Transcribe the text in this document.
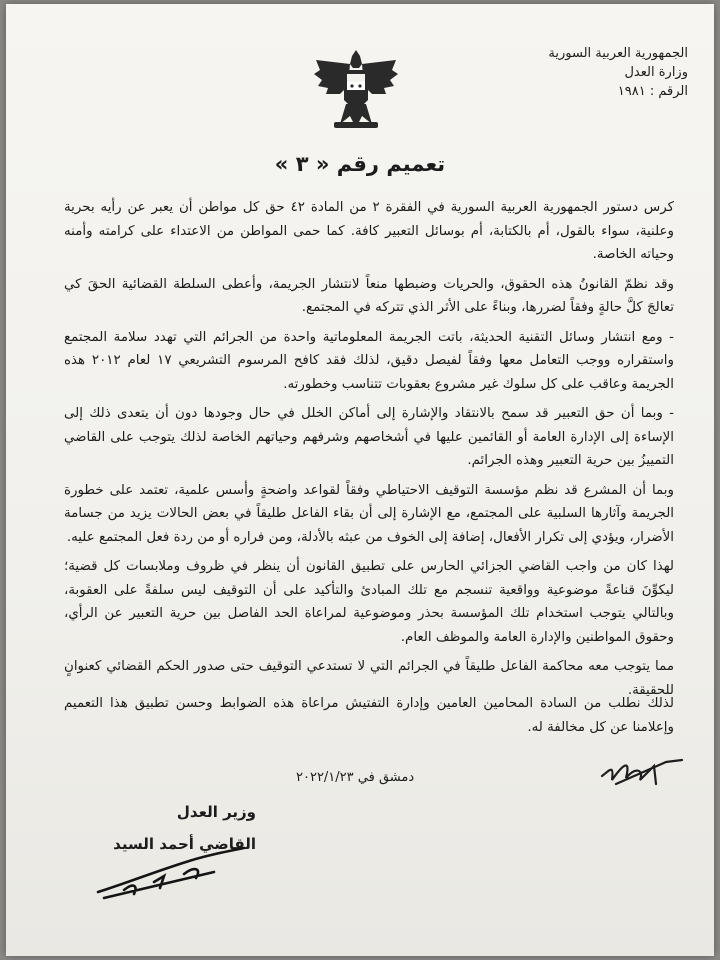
الجمهورية العربية السورية
وزارة العدل
الرقم : ١٩٨١
تعميم رقم « ٣ »

كرس دستور الجمهورية العربية السورية في الفقرة ٢ من المادة ٤٢ حق كل مواطن أن يعبر عن رأيه بحرية وعلنية، سواء بالقول، أم بالكتابة، أم بوسائل التعبير كافة. كما حمى المواطن من الاعتداء على كرامته وأمنه وحياته الخاصة.

وقد نظمّ القانونُ هذه الحقوق، والحريات وضبطها منعاً لانتشار الجريمة، وأعطى السلطة القضائية الحقَ كي تعالجَ كلَّ حالةٍ وفقاً لضررها، وبناءً على الأثر الذي تتركه في المجتمع.

- ومع انتشار وسائل التقنية الحديثة، باتت الجريمة المعلوماتية واحدة من الجرائم التي تهدد سلامة المجتمع واستقراره ووجب التعامل معها وفقاً لفيصل دقيق، لذلك فقد كافح المرسوم التشريعي ١٧ لعام ٢٠١٢ هذه الجريمة وعاقب على كل سلوك غير مشروع بعقوبات تتناسب وخطورته.

- وبما أن حق التعبير قد سمح بالانتقاد والإشارة إلى أماكن الخلل في حال وجودها دون أن يتعدى ذلك إلى الإساءة إلى الإدارة العامة أو القائمين عليها في أشخاصهم وشرفهم وحياتهم الخاصة لذلك يتوجب على القاضي التمييزُ بين حرية التعبير وهذه الجرائم.

وبما أن المشرع قد نظم مؤسسة التوقيف الاحتياطي وفقاً لقواعد واضحةٍ وأسس علمية، تعتمد على خطورة الجريمة وآثارها السلبية على المجتمع، مع الإشارة إلى أن بقاء الفاعل طليقاً في بعض الحالات يزيد من جسامة الأضرار، ويؤدي إلى تكرار الأفعال، إضافة إلى الخوف من عبثه بالأدلة، ومن فراره أو من ردة فعل المجتمع عليه.

لهذا كان من واجب القاضي الجزائي الحارس على تطبيق القانون أن ينظر في ظروف وملابسات كل قضية؛ ليكوِّنَ قناعةً موضوعية وواقعية تنسجم مع تلك المبادئ والتأكيد على أن التوقيف ليس سلفةً على العقوبة، وبالتالي يتوجب استخدام تلك المؤسسة بحذر وموضوعية لمراعاة الحد الفاصل بين حرية التعبير عن الرأي، وحقوق المواطنين والإدارة العامة والموظف العام.

مما يتوجب معه محاكمة الفاعل طليقاً في الجرائم التي لا تستدعي التوقيف حتى صدور الحكم القضائي كعنوانٍ للحقيقة.

لذلك نطلب من السادة المحامين العامين وإدارة التفتيش مراعاة هذه الضوابط وحسن تطبيق هذا التعميم وإعلامنا عن كل مخالفة له.
دمشق في ٢٠٢٢/١/٢٣
وزير العدل
القاضي أحمد السيد
